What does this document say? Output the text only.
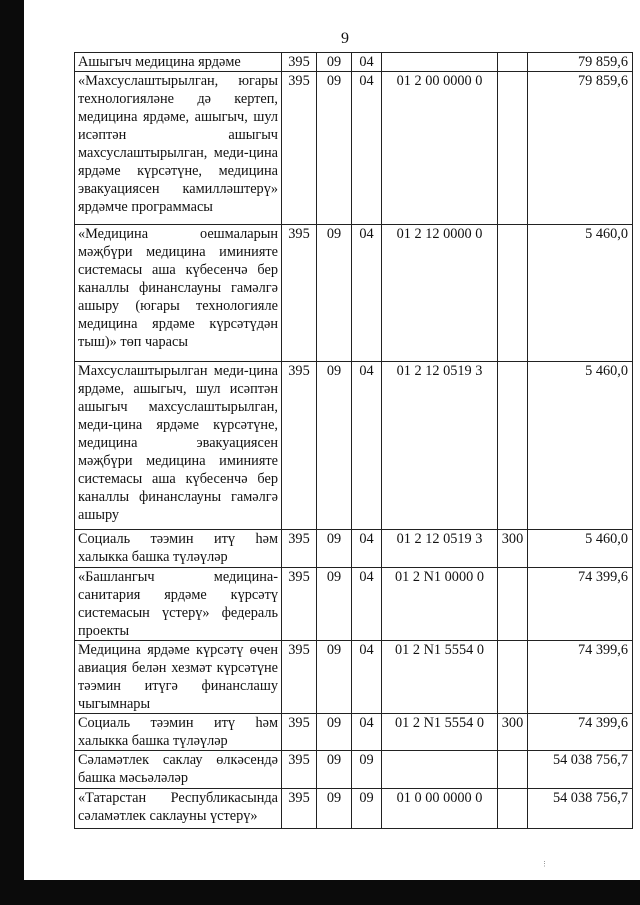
9
Ашыгыч медицина ярдәме	395	09	04			79 859,6
«Махсуслаштырылган, югары технологияләне дә кертеп, медицина ярдәме, ашыгыч, шул исәптән ашыгыч махсуслаштырылган, меди-цина ярдәме күрсәтүне, медицина эвакуациясен камилләштерү» ярдәмче программасы	395	09	04	01 2 00 0000 0		79 859,6
«Медицина оешмаларын мәҗбүри медицина иминияте системасы аша күбесенчә бер каналлы финанслауны гамәлгә ашыру (югары технологияле медицина ярдәме күрсәтүдән тыш)» төп чарасы	395	09	04	01 2 12 0000 0		5 460,0
Махсуслаштырылган меди-цина ярдәме, ашыгыч, шул исәптән ашыгыч махсуслаштырылган, меди-цина ярдәме күрсәтүне, медицина эвакуациясен мәҗбүри медицина иминияте системасы аша күбесенчә бер каналлы финанслауны гамәлгә ашыру	395	09	04	01 2 12 0519 3		5 460,0
Социаль тәэмин итү һәм халыкка башка түләүләр	395	09	04	01 2 12 0519 3	300	5 460,0
«Башлангыч медицина-санитария ярдәме күрсәтү системасын үстерү» федераль проекты	395	09	04	01 2 N1 0000 0		74 399,6
Медицина ярдәме күрсәтү өчен авиация белән хезмәт күрсәтүне тәэмин итүгә финанслашу чыгымнары	395	09	04	01 2 N1 5554 0		74 399,6
Социаль тәэмин итү һәм халыкка башка түләүләр	395	09	04	01 2 N1 5554 0	300	74 399,6
Сәламәтлек саклау өлкәсендә башка мәсьәләләр	395	09	09			54 038 756,7
«Татарстан Республикасында сәламәтлек саклауны үстерү»	395	09	09	01 0 00 0000 0		54 038 756,7
⋮
